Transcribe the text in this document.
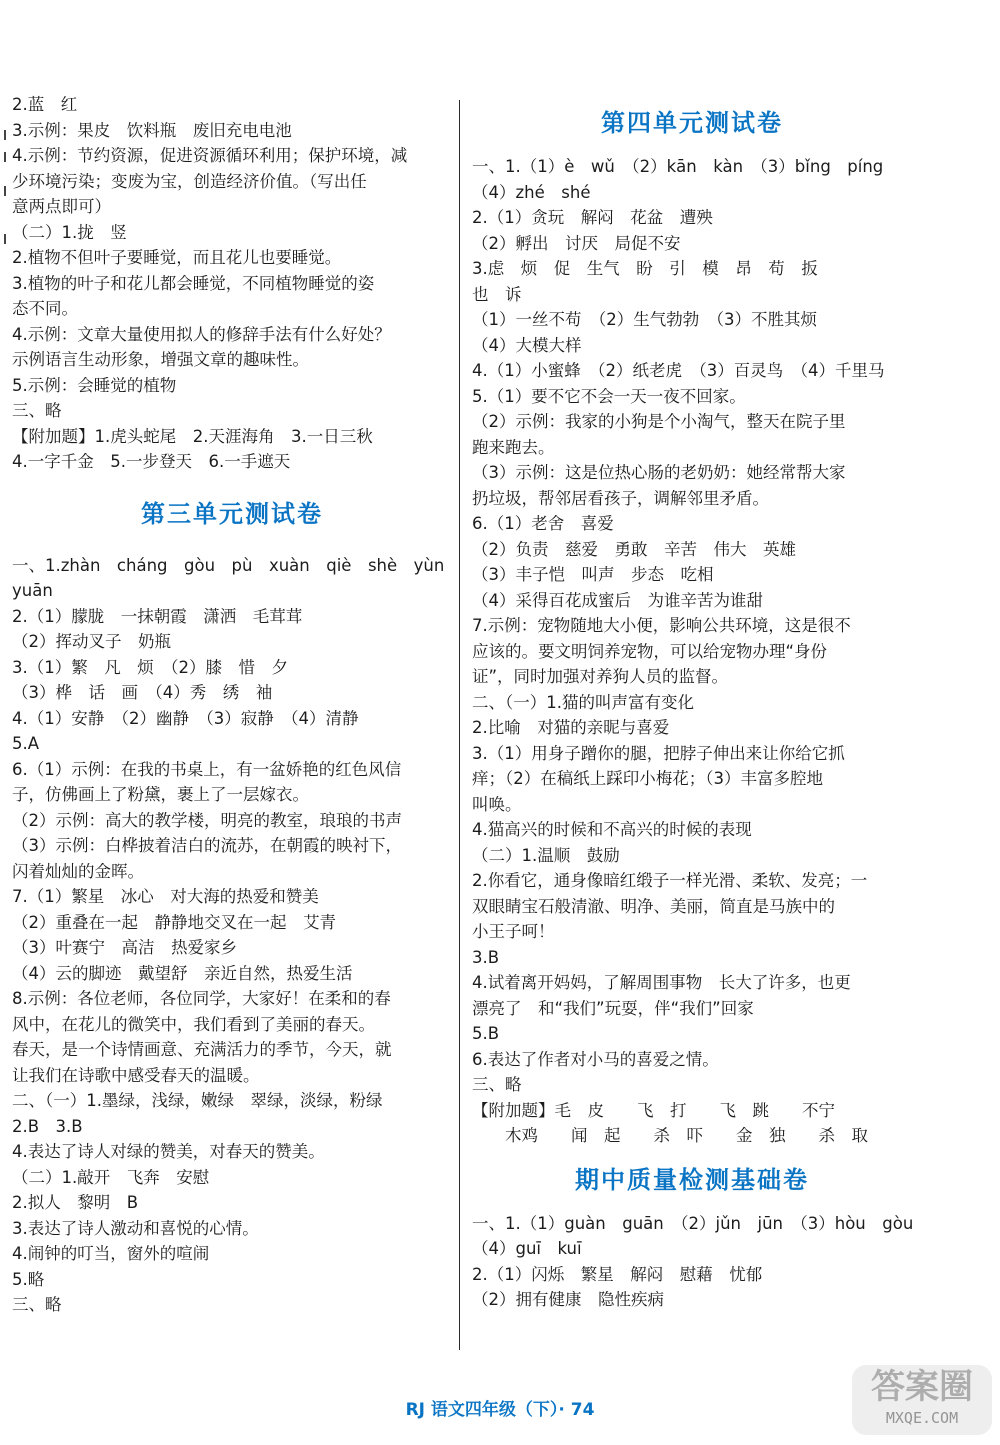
2.蓝　红
3.示例：果皮　饮料瓶　废旧充电电池
4.示例：节约资源，促进资源循环利用；保护环境，减
少环境污染；变废为宝，创造经济价值。（写出任
意两点即可）
（二）1.拢　竖
2.植物不但叶子要睡觉，而且花儿也要睡觉。
3.植物的叶子和花儿都会睡觉，不同植物睡觉的姿
态不同。
4.示例：文章大量使用拟人的修辞手法有什么好处？
示例语言生动形象，增强文章的趣味性。
5.示例：会睡觉的植物
三、略
【附加题】1.虎头蛇尾　2.天涯海角　3.一日三秋
4.一字千金　5.一步登天　6.一手遮天
第三单元测试卷
一、1.zhàn　cháng　gòu　pù　xuàn　qiè　shè　yùn
yuān
2.（1）朦胧　一抹朝霞　潇洒　毛茸茸
（2）挥动叉子　奶瓶
3.（1）繁　凡　烦　（2）膝　惜　夕
（3）桦　话　画　（4）秀　绣　袖
4.（1）安静　（2）幽静　（3）寂静　（4）清静
5.A
6.（1）示例：在我的书桌上，有一盆娇艳的红色风信
子，仿佛画上了粉黛，裹上了一层嫁衣。
（2）示例：高大的教学楼，明亮的教室，琅琅的书声
（3）示例：白桦披着洁白的流苏，在朝霞的映衬下，
闪着灿灿的金晖。
7.（1）繁星　冰心　对大海的热爱和赞美
（2）重叠在一起　静静地交叉在一起　艾青
（3）叶赛宁　高洁　热爱家乡
（4）云的脚迹　戴望舒　亲近自然，热爱生活
8.示例：各位老师，各位同学，大家好！在柔和的春
风中，在花儿的微笑中，我们看到了美丽的春天。
春天，是一个诗情画意、充满活力的季节，今天，就
让我们在诗歌中感受春天的温暖。
二、（一）1.墨绿，浅绿，嫩绿　翠绿，淡绿，粉绿
2.B　3.B
4.表达了诗人对绿的赞美，对春天的赞美。
（二）1.敲开　飞奔　安慰
2.拟人　黎明　B
3.表达了诗人激动和喜悦的心情。
4.闹钟的叮当，窗外的喧闹
5.略
三、略
第四单元测试卷
一、1.（1）è　wǔ　（2）kān　kàn　（3）bǐng　píng
（4）zhé　shé
2.（1）贪玩　解闷　花盆　遭殃
（2）孵出　讨厌　局促不安
3.虑　烦　促　生气　盼　引　模　昂　苟　扳
也　诉
（1）一丝不苟　（2）生气勃勃　（3）不胜其烦
（4）大模大样
4.（1）小蜜蜂　（2）纸老虎　（3）百灵鸟　（4）千里马
5.（1）要不它不会一天一夜不回家。
（2）示例：我家的小狗是个小淘气，整天在院子里
跑来跑去。
（3）示例：这是位热心肠的老奶奶：她经常帮大家
扔垃圾，帮邻居看孩子，调解邻里矛盾。
6.（1）老舍　喜爱
（2）负责　慈爱　勇敢　辛苦　伟大　英雄
（3）丰子恺　叫声　步态　吃相
（4）采得百花成蜜后　为谁辛苦为谁甜
7.示例：宠物随地大小便，影响公共环境，这是很不
应该的。要文明饲养宠物，可以给宠物办理“身份
证”，同时加强对养狗人员的监督。
二、（一）1.猫的叫声富有变化
2.比喻　对猫的亲昵与喜爱
3.（1）用身子蹭你的腿，把脖子伸出来让你给它抓
痒；（2）在稿纸上踩印小梅花；（3）丰富多腔地
叫唤。
4.猫高兴的时候和不高兴的时候的表现
（二）1.温顺　鼓励
2.你看它，通身像暗红缎子一样光滑、柔软、发亮；一
双眼睛宝石般清澈、明净、美丽，简直是马族中的
小王子呵！
3.B
4.试着离开妈妈，了解周围事物　长大了许多，也更
漂亮了　和“我们”玩耍，伴“我们”回家
5.B
6.表达了作者对小马的喜爱之情。
三、略
【附加题】毛　皮　　飞　打　　飞　跳　　不宁
　　木鸡　　闻　起　　杀　吓　　金　独　　杀　取
期中质量检测基础卷
一、1.（1）guàn　guān　（2）jǔn　jūn　（3）hòu　gòu
（4）guī　kuī
2.（1）闪烁　繁星　解闷　慰藉　忧郁
（2）拥有健康　隐性疾病
RJ 语文四年级（下）· 74
答案圈
MXQE.COM
